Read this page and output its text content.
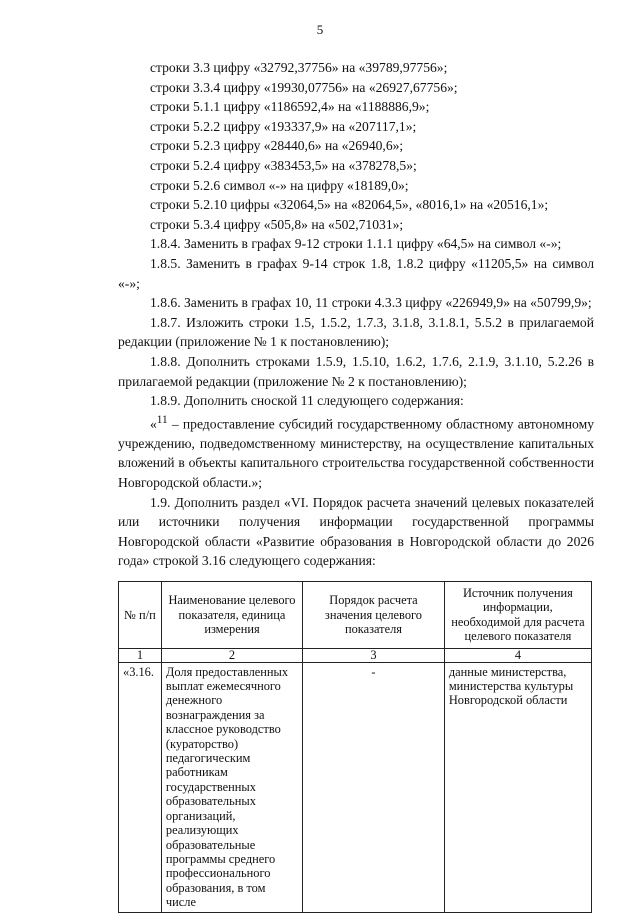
5
строки 3.3 цифру «32792,37756» на «39789,97756»;
строки 3.3.4 цифру «19930,07756» на «26927,67756»;
строки 5.1.1 цифру «1186592,4» на «1188886,9»;
строки 5.2.2 цифру «193337,9» на «207117,1»;
строки 5.2.3 цифру «28440,6» на «26940,6»;
строки 5.2.4 цифру «383453,5» на «378278,5»;
строки 5.2.6 символ «-» на цифру «18189,0»;
строки 5.2.10 цифры «32064,5» на «82064,5», «8016,1» на «20516,1»;
строки 5.3.4 цифру «505,8» на «502,71031»;
1.8.4. Заменить в графах 9-12 строки 1.1.1 цифру «64,5» на символ «-»;
1.8.5. Заменить в графах 9-14 строк 1.8, 1.8.2 цифру «11205,5» на символ «-»;
1.8.6. Заменить в графах 10, 11 строки 4.3.3 цифру «226949,9» на «50799,9»;
1.8.7. Изложить строки 1.5, 1.5.2, 1.7.3, 3.1.8, 3.1.8.1, 5.5.2 в прилагаемой редакции (приложение № 1 к постановлению);
1.8.8. Дополнить строками 1.5.9, 1.5.10, 1.6.2, 1.7.6, 2.1.9, 3.1.10, 5.2.26 в прилагаемой редакции (приложение № 2 к постановлению);
1.8.9. Дополнить сноской 11 следующего содержания:
«$^{11}$ – предоставление субсидий государственному областному автономному учреждению, подведомственному министерству, на осуществление капитальных вложений в объекты капитального строительства государственной собственности Новгородской области.»;
1.9. Дополнить раздел «VI. Порядок расчета значений целевых показателей или источники получения информации государственной программы Новгородской области «Развитие образования в Новгородской области до 2026 года» строкой 3.16 следующего содержания:
№ п/п	Наименование целевого показателя, единица измерения	Порядок расчета значения целевого показателя	Источник получения информации, необходимой для расчета целевого показателя
1	2	3	4
«3.16.	Доля предоставленных выплат ежемесячного денежного вознаграждения за классное руководство (кураторство) педагогическим работникам государственных образовательных организаций, реализующих образовательные программы среднего профессионального образования, в том числе	-	данные министерства, министерства культуры Новгородской области
